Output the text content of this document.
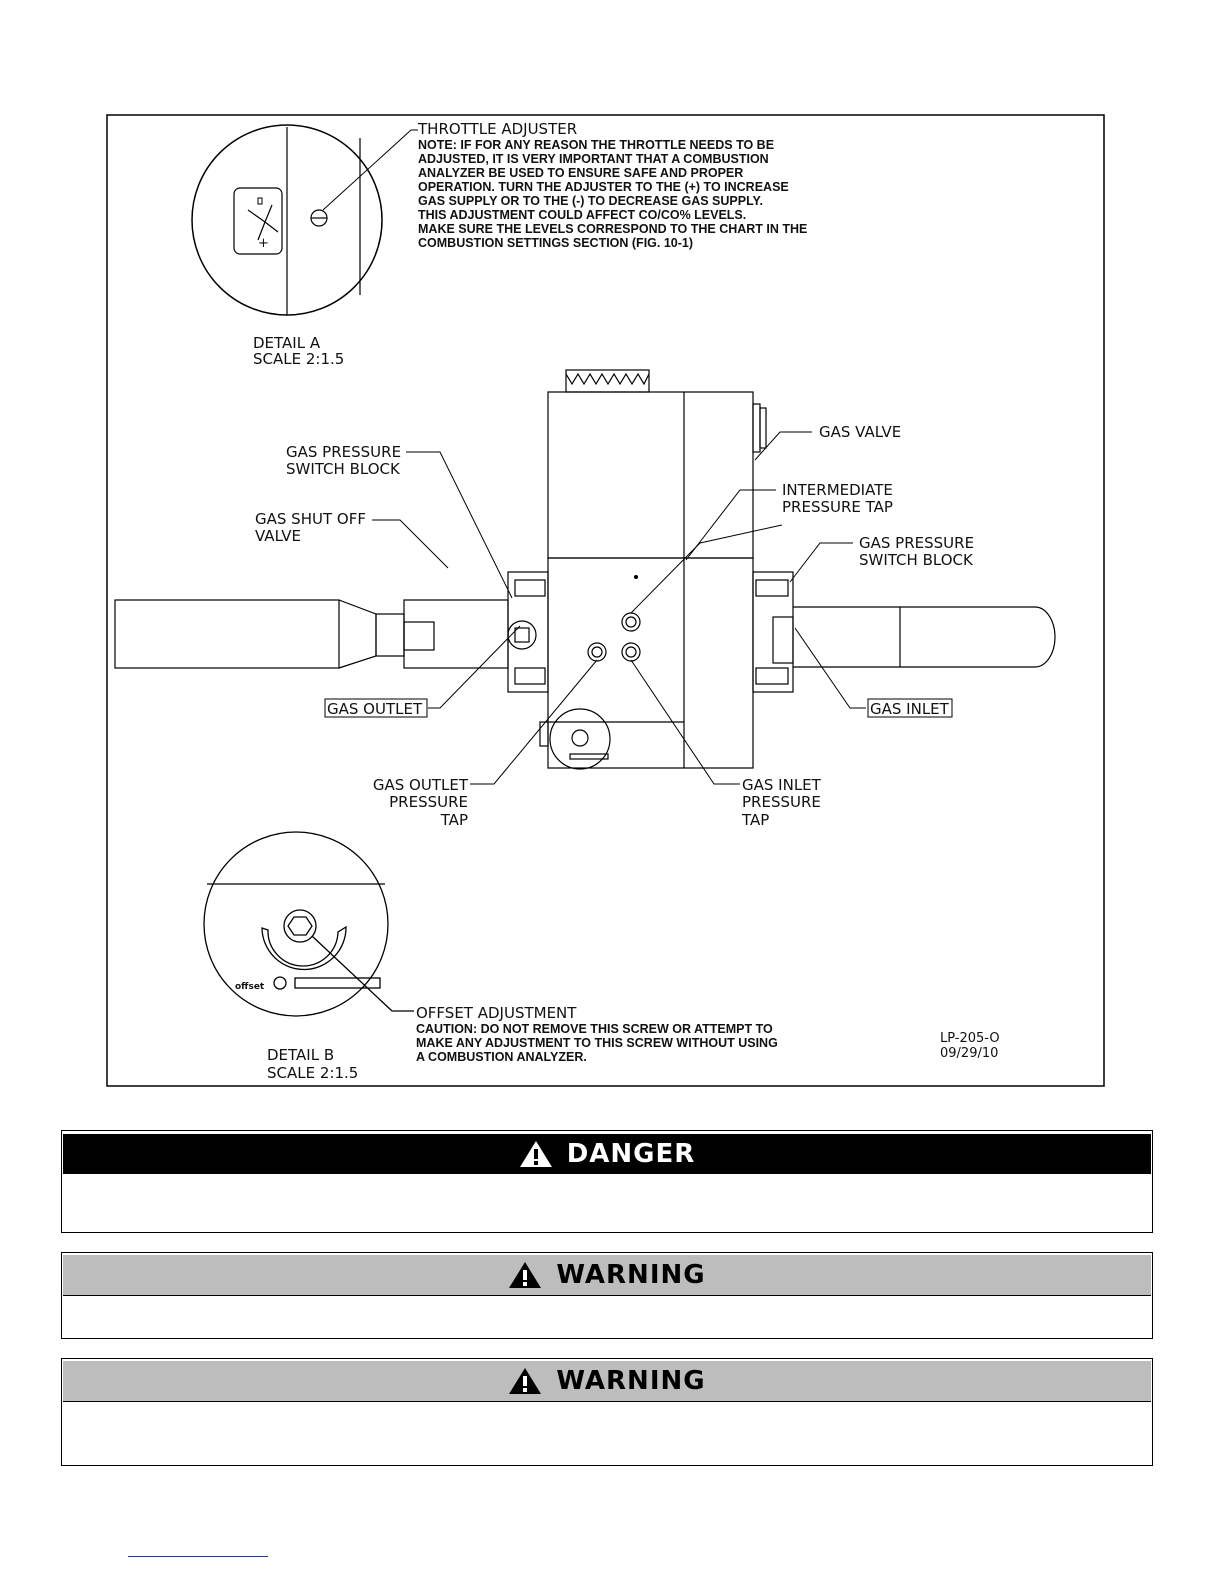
+
THROTTLE ADJUSTER
NOTE: IF FOR ANY REASON THE THROTTLE NEEDS TO BE
ADJUSTED, IT IS VERY IMPORTANT THAT A COMBUSTION
ANALYZER BE USED TO ENSURE SAFE AND PROPER
OPERATION. TURN THE ADJUSTER TO THE (+) TO INCREASE
GAS SUPPLY OR TO THE (-) TO DECREASE GAS SUPPLY.
THIS ADJUSTMENT COULD AFFECT CO/CO% LEVELS.
MAKE SURE THE LEVELS CORRESPOND TO THE CHART IN THE
COMBUSTION SETTINGS SECTION (FIG. 10-1)
DETAIL A
SCALE 2:1.5
GAS VALVE
INTERMEDIATE
PRESSURE TAP
GAS PRESSURE
SWITCH BLOCK
GAS PRESSURE
SWITCH BLOCK
GAS SHUT OFF
VALVE
GAS OUTLET	GAS INLET
GAS OUTLET
PRESSURE
TAP
GAS INLET
PRESSURE
TAP
offset
OFFSET ADJUSTMENT
CAUTION: DO NOT REMOVE THIS SCREW OR ATTEMPT TO
MAKE ANY ADJUSTMENT TO THIS SCREW WITHOUT USING
A COMBUSTION ANALYZER.
DETAIL B
SCALE 2:1.5
LP-205-O
09/29/10
DANGER
WARNING
WARNING
